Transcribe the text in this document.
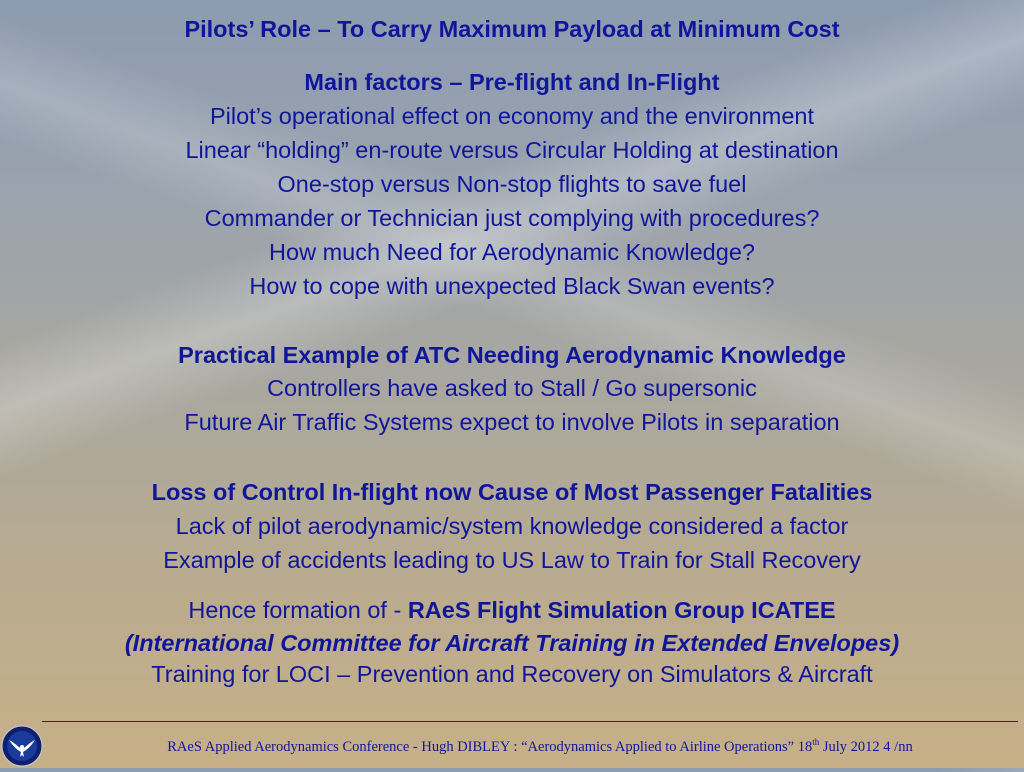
Pilots’ Role – To Carry Maximum Payload at Minimum Cost
Main factors – Pre-flight and In-Flight
Pilot’s operational effect on economy and the environment
Linear “holding” en-route versus Circular Holding at destination
One-stop versus Non-stop flights to save fuel
Commander or Technician just complying with procedures?
How much Need for Aerodynamic Knowledge?
How to cope with unexpected Black Swan events?
Practical Example of ATC Needing Aerodynamic Knowledge
Controllers have asked to Stall / Go supersonic
Future Air Traffic Systems expect to involve Pilots in separation
Loss of Control In-flight now Cause of Most Passenger Fatalities
Lack of pilot aerodynamic/system knowledge considered a factor
Example of accidents leading to US Law to Train for Stall Recovery
Hence formation of - RAeS Flight Simulation Group ICATEE
(International Committee for Aircraft Training in Extended Envelopes)
Training for LOCI – Prevention and Recovery on Simulators & Aircraft
RAeS Applied Aerodynamics Conference - Hugh DIBLEY : “Aerodynamics Applied to Airline Operations” 18th July 2012 4 /nn
